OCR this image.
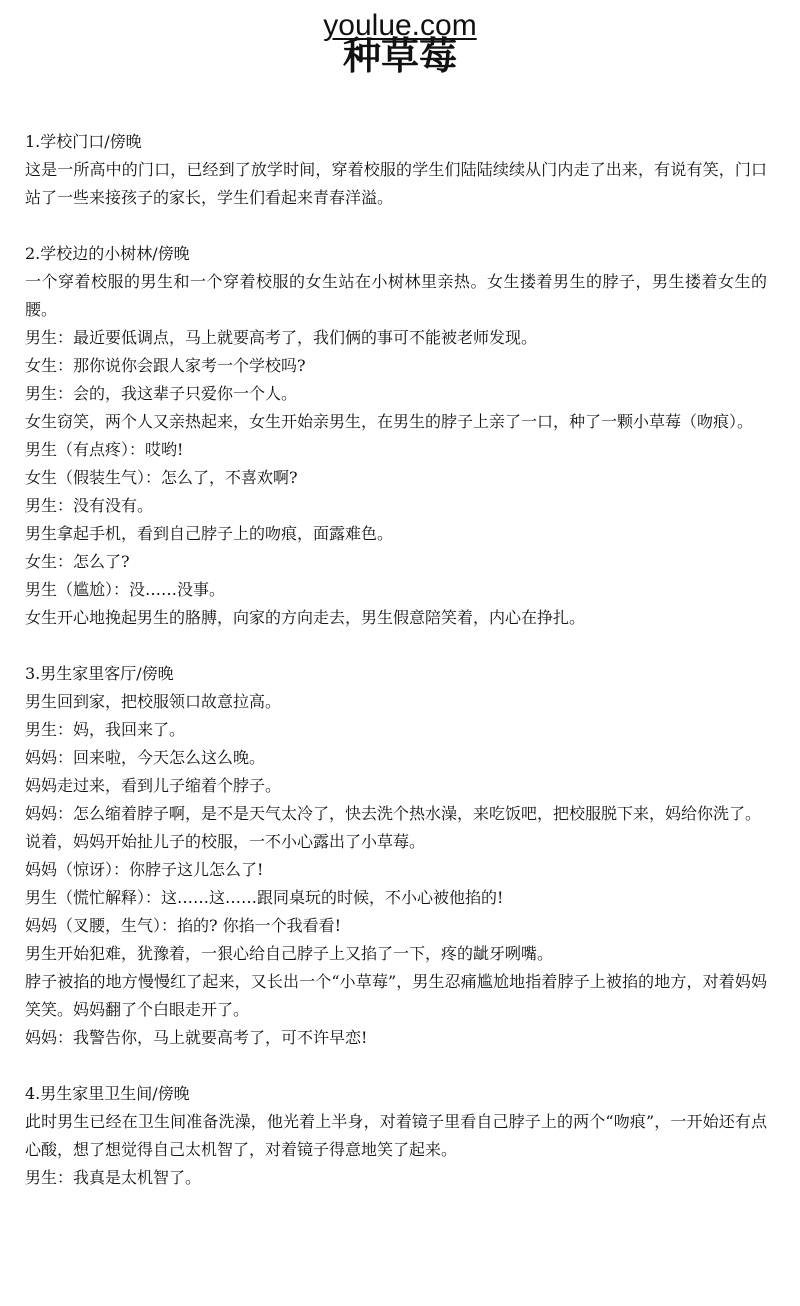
youlue.com
种草莓

1.学校门口/傍晚

这是一所高中的门口，已经到了放学时间，穿着校服的学生们陆陆续续从门内走了出来，有说有笑，门口站了一些来接孩子的家长，学生们看起来青春洋溢。

2.学校边的小树林/傍晚

一个穿着校服的男生和一个穿着校服的女生站在小树林里亲热。女生搂着男生的脖子，男生搂着女生的腰。

男生：最近要低调点，马上就要高考了，我们俩的事可不能被老师发现。

女生：那你说你会跟人家考一个学校吗?

男生：会的，我这辈子只爱你一个人。

女生窃笑，两个人又亲热起来，女生开始亲男生，在男生的脖子上亲了一口，种了一颗小草莓（吻痕）。

男生（有点疼）：哎哟!

女生（假装生气）：怎么了，不喜欢啊?

男生：没有没有。

男生拿起手机，看到自己脖子上的吻痕，面露难色。

女生：怎么了?

男生（尴尬）：没……没事。

女生开心地挽起男生的胳膊，向家的方向走去，男生假意陪笑着，内心在挣扎。

3.男生家里客厅/傍晚

男生回到家，把校服领口故意拉高。

男生：妈，我回来了。

妈妈：回来啦，今天怎么这么晚。

妈妈走过来，看到儿子缩着个脖子。

妈妈：怎么缩着脖子啊，是不是天气太冷了，快去洗个热水澡，来吃饭吧，把校服脱下来，妈给你洗了。

说着，妈妈开始扯儿子的校服，一不小心露出了小草莓。

妈妈（惊讶）：你脖子这儿怎么了!

男生（慌忙解释）：这……这……跟同桌玩的时候，不小心被他掐的!

妈妈（叉腰，生气）：掐的? 你掐一个我看看!

男生开始犯难，犹豫着，一狠心给自己脖子上又掐了一下，疼的龇牙咧嘴。

脖子被掐的地方慢慢红了起来，又长出一个“小草莓”，男生忍痛尴尬地指着脖子上被掐的地方，对着妈妈笑笑。妈妈翻了个白眼走开了。

妈妈：我警告你，马上就要高考了，可不许早恋!

4.男生家里卫生间/傍晚

此时男生已经在卫生间准备洗澡，他光着上半身，对着镜子里看自己脖子上的两个“吻痕”，一开始还有点心酸，想了想觉得自己太机智了，对着镜子得意地笑了起来。

男生：我真是太机智了。
